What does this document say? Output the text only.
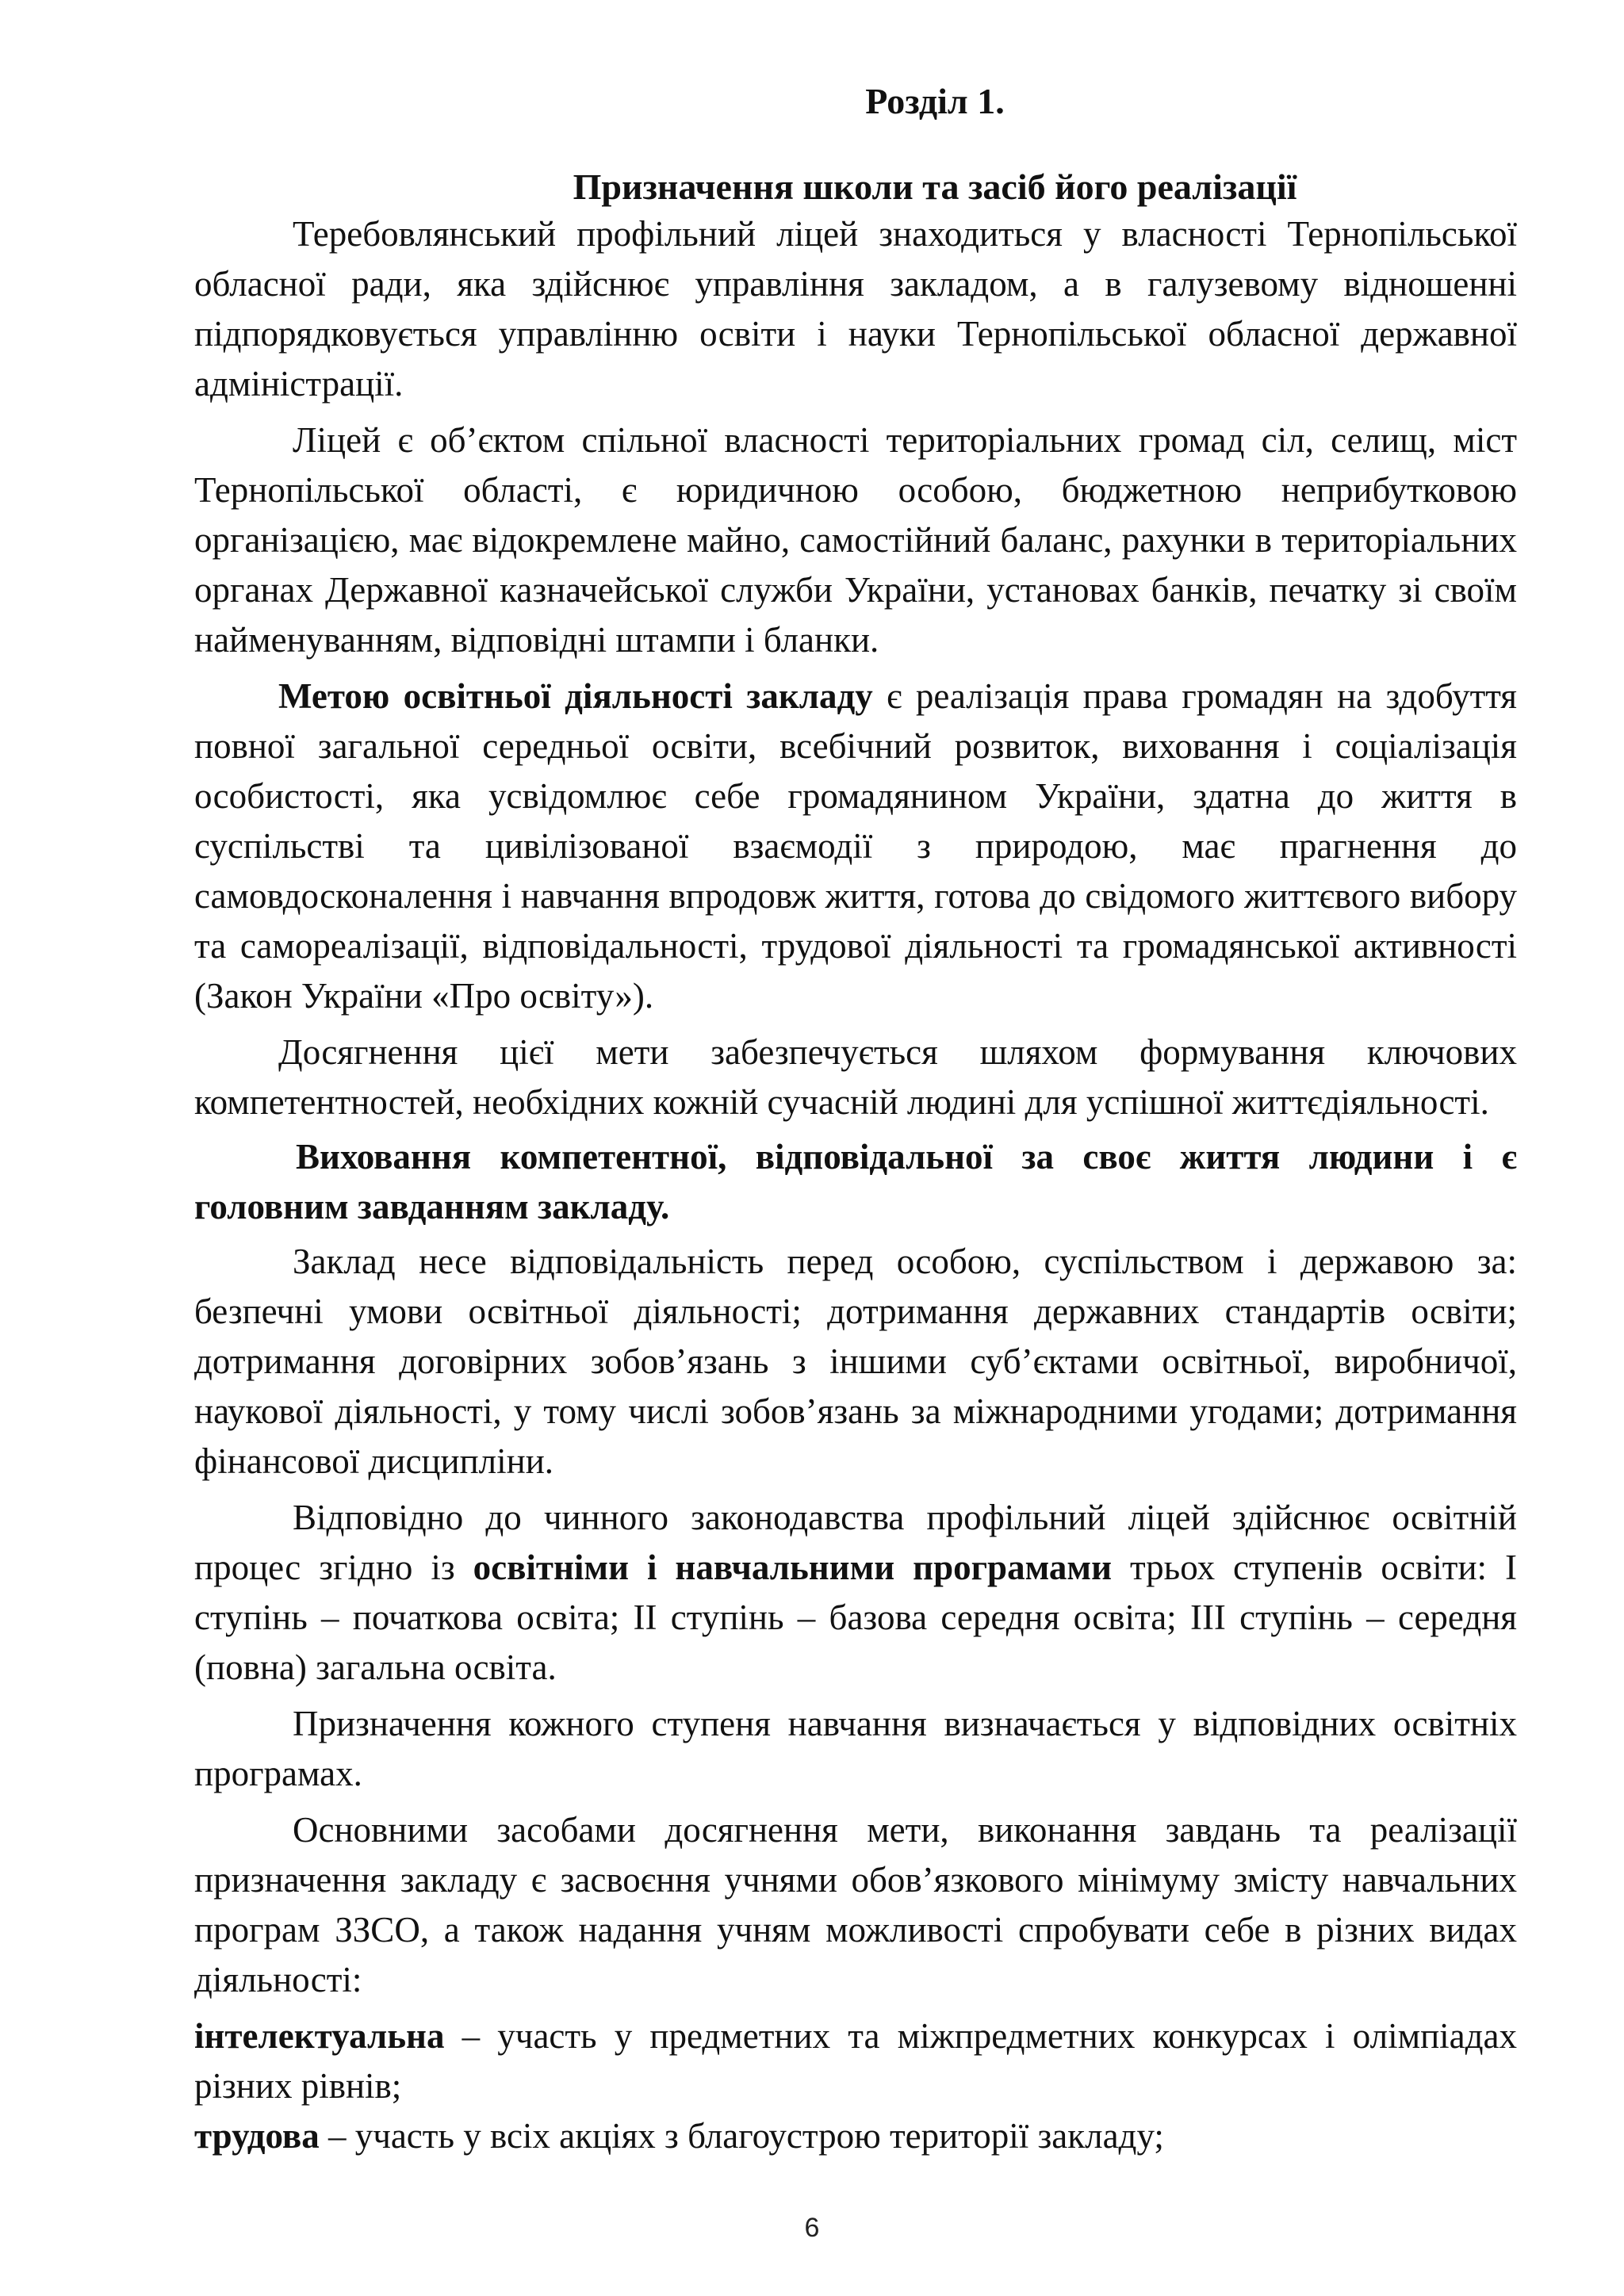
Розділ 1.
Призначення школи та засіб його реалізації

Теребовлянський профільний ліцей знаходиться у власності Тернопільської обласної ради, яка здійснює управління закладом, а в галузевому відношенні підпорядковується управлінню освіти і науки Тернопільської обласної державної адміністрації.

Ліцей є об’єктом спільної власності територіальних громад сіл, селищ, міст Тернопільської області, є юридичною особою, бюджетною неприбутковою організацією, має відокремлене майно, самостійний баланс, рахунки в територіальних органах Державної казначейської служби України, установах банків, печатку зі своїм найменуванням, відповідні штампи і бланки.

Метою освітньої діяльності закладу є реалізація права громадян на здобуття повної загальної середньої освіти, всебічний розвиток, виховання і соціалізація особистості, яка усвідомлює себе громадянином України, здатна до життя в суспільстві та цивілізованої взаємодії з природою, має прагнення до самовдосконалення і навчання впродовж життя, готова до свідомого життєвого вибору та самореалізації, відповідальності, трудової діяльності та громадянської активності (Закон України «Про освіту»).

Досягнення цієї мети забезпечується шляхом формування ключових компетентностей, необхідних кожній сучасній людині для успішної життєдіяльності.

Виховання компетентної, відповідальної за своє життя людини і є головним завданням закладу.

Заклад несе відповідальність перед особою, суспільством і державою за: безпечні умови освітньої діяльності; дотримання державних стандартів освіти; дотримання договірних зобов’язань з іншими суб’єктами освітньої, виробничої, наукової діяльності, у тому числі зобов’язань за міжнародними угодами; дотримання фінансової дисципліни.

Відповідно до чинного законодавства профільний ліцей здійснює освітній процес згідно із освітніми і навчальними програмами трьох ступенів освіти: І ступінь – початкова освіта; ІІ ступінь – базова середня освіта; ІІІ ступінь – середня (повна) загальна освіта.

Призначення кожного ступеня навчання визначається у відповідних освітніх програмах.

Основними засобами досягнення мети, виконання завдань та реалізації призначення закладу є засвоєння учнями обов’язкового мінімуму змісту навчальних програм ЗЗСО, а також надання учням можливості спробувати себе в різних видах діяльності:

інтелектуальна – участь у предметних та міжпредметних конкурсах і олімпіадах різних рівнів;

трудова – участь у всіх акціях з благоустрою території закладу;

6
